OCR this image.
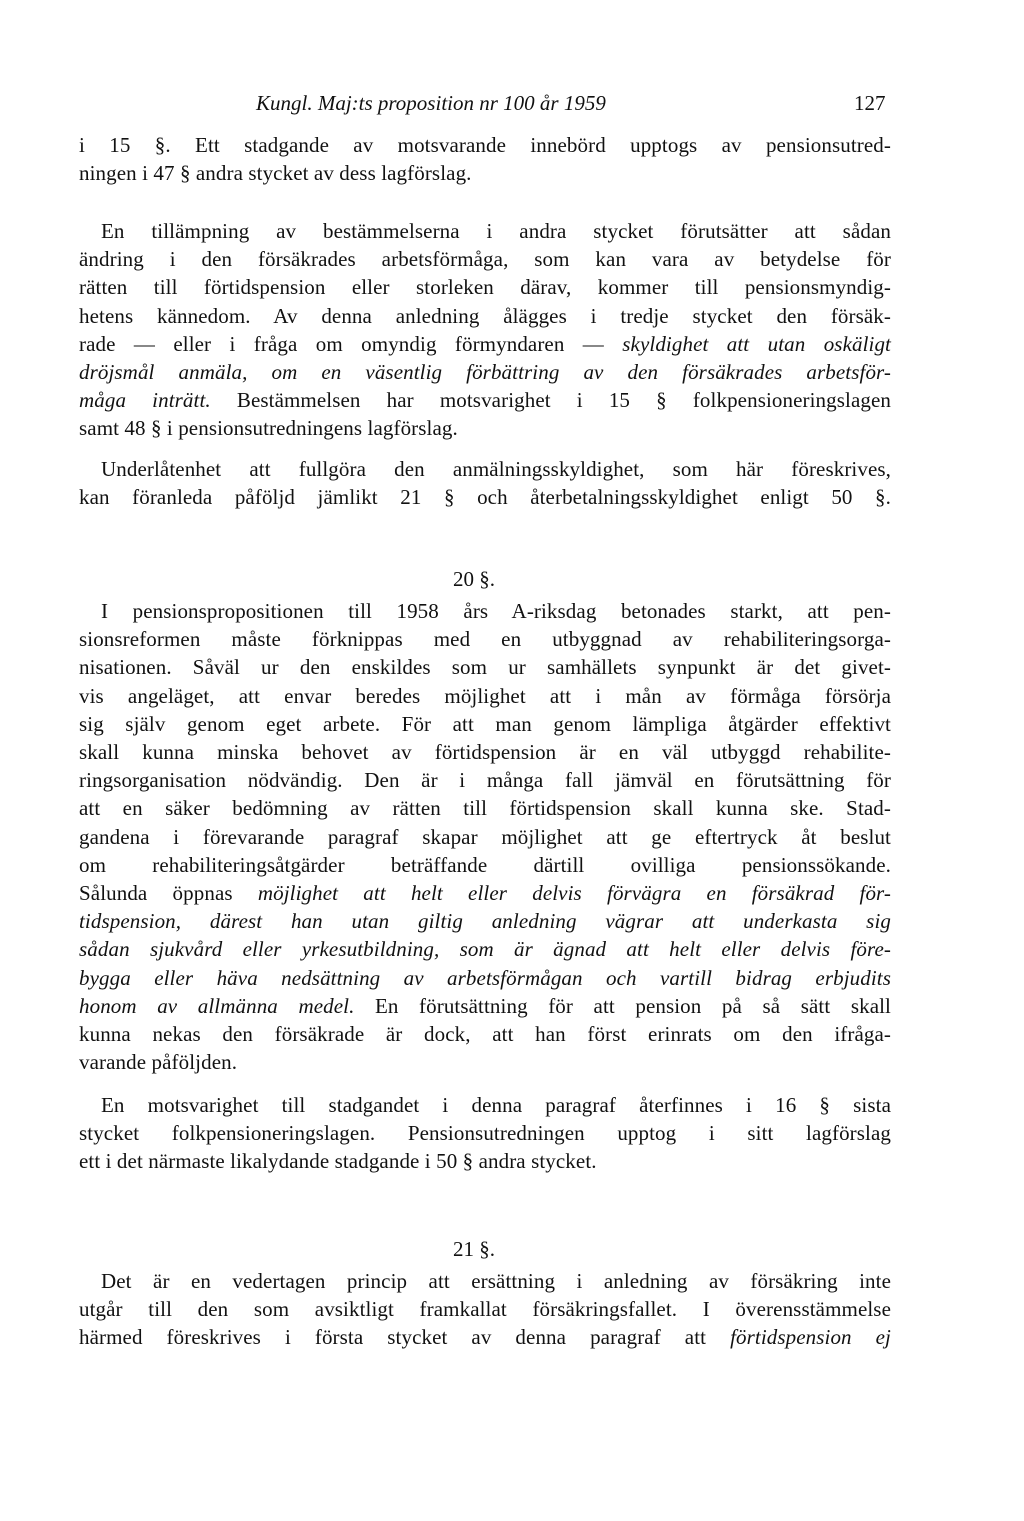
Kungl. Maj:ts proposition nr 100 år 1959	127
i 15 §. Ett stadgande av motsvarande innebörd upptogs av pensionsutred-
ningen i 47 § andra stycket av dess lagförslag.
En tillämpning av bestämmelserna i andra stycket förutsätter att sådan
ändring i den försäkrades arbetsförmåga, som kan vara av betydelse för
rätten till förtidspension eller storleken därav, kommer till pensionsmyndig-
hetens kännedom. Av denna anledning ålägges i tredje stycket den försäk-
rade — eller i fråga om omyndig förmyndaren — skyldighet att utan oskäligt
dröjsmål anmäla, om en väsentlig förbättring av den försäkrades arbetsför-
måga inträtt. Bestämmelsen har motsvarighet i 15 § folkpensioneringslagen
samt 48 § i pensionsutredningens lagförslag.
Underlåtenhet att fullgöra den anmälningsskyldighet, som här föreskrives,
kan föranleda påföljd jämlikt 21 § och återbetalningsskyldighet enligt 50 §.
20 §.
I pensionspropositionen till 1958 års A-riksdag betonades starkt, att pen-
sionsreformen måste förknippas med en utbyggnad av rehabiliteringsorga-
nisationen. Såväl ur den enskildes som ur samhällets synpunkt är det givet-
vis angeläget, att envar beredes möjlighet att i mån av förmåga försörja
sig själv genom eget arbete. För att man genom lämpliga åtgärder effektivt
skall kunna minska behovet av förtidspension är en väl utbyggd rehabilite-
ringsorganisation nödvändig. Den är i många fall jämväl en förutsättning för
att en säker bedömning av rätten till förtidspension skall kunna ske. Stad-
gandena i förevarande paragraf skapar möjlighet att ge eftertryck åt beslut
om rehabiliteringsåtgärder beträffande därtill ovilliga pensionssökande.
Sålunda öppnas möjlighet att helt eller delvis förvägra en försäkrad för-
tidspension, därest han utan giltig anledning vägrar att underkasta sig
sådan sjukvård eller yrkesutbildning, som är ägnad att helt eller delvis före-
bygga eller häva nedsättning av arbetsförmågan och vartill bidrag erbjudits
honom av allmänna medel. En förutsättning för att pension på så sätt skall
kunna nekas den försäkrade är dock, att han först erinrats om den ifråga-
varande påföljden.
En motsvarighet till stadgandet i denna paragraf återfinnes i 16 § sista
stycket folkpensioneringslagen. Pensionsutredningen upptog i sitt lagförslag
ett i det närmaste likalydande stadgande i 50 § andra stycket.
21 §.
Det är en vedertagen princip att ersättning i anledning av försäkring inte
utgår till den som avsiktligt framkallat försäkringsfallet. I överensstämmelse
härmed föreskrives i första stycket av denna paragraf att förtidspension ej
